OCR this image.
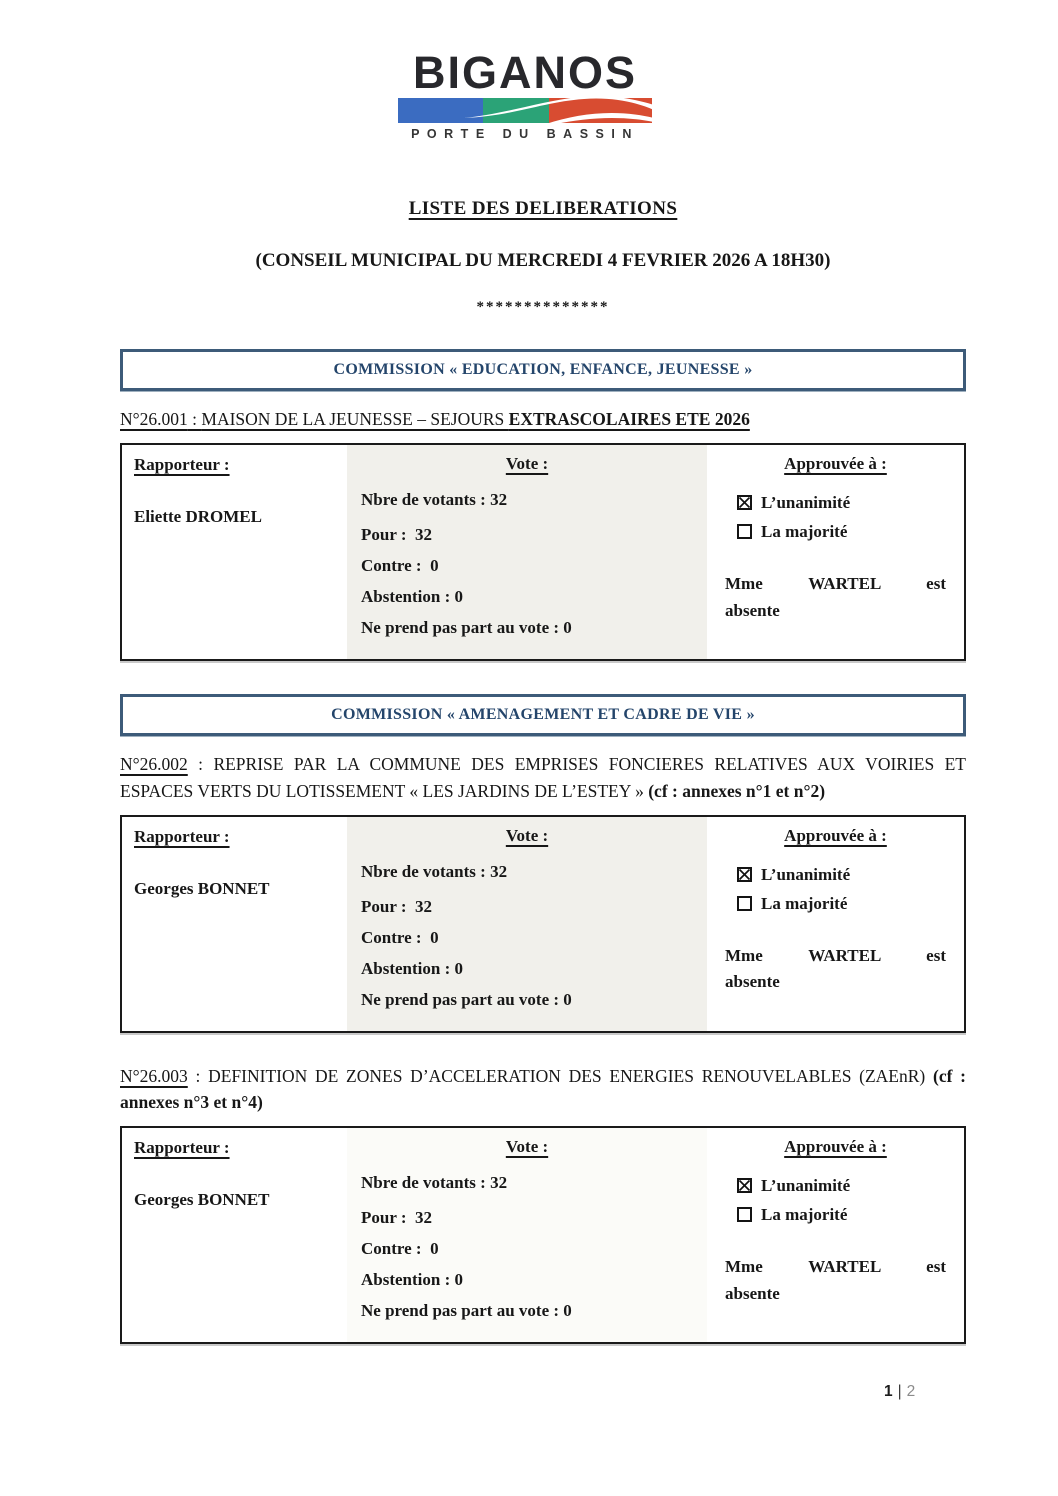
BIGANOS
PORTE DU BASSIN
LISTE DES DELIBERATIONS
(CONSEIL MUNICIPAL DU MERCREDI 4 FEVRIER 2026 A 18H30)
**************
COMMISSION « EDUCATION, ENFANCE, JEUNESSE »
N°26.001 : MAISON DE LA JEUNESSE – SEJOURS EXTRASCOLAIRES ETE 2026
Rapporteur :
Eliette DROMEL
Vote :
Nbre de votants : 32
Pour :  32
Contre :  0
Abstention : 0
Ne prend pas part au vote : 0
Approuvée à :
L’unanimité
La majorité
Mme WARTEL est
absente
COMMISSION « AMENAGEMENT ET CADRE DE VIE »
N°26.002 : REPRISE PAR LA COMMUNE DES EMPRISES FONCIERES RELATIVES AUX VOIRIES ET ESPACES VERTS DU LOTISSEMENT « LES JARDINS DE L’ESTEY » (cf : annexes n°1 et n°2)
Rapporteur :
Georges BONNET
Vote :
Nbre de votants : 32
Pour :  32
Contre :  0
Abstention : 0
Ne prend pas part au vote : 0
Approuvée à :
L’unanimité
La majorité
Mme WARTEL est
absente
N°26.003 : DEFINITION DE ZONES D’ACCELERATION DES ENERGIES RENOUVELABLES (ZAEnR) (cf : annexes n°3 et n°4)
Rapporteur :
Georges BONNET
Vote :
Nbre de votants : 32
Pour :  32
Contre :  0
Abstention : 0
Ne prend pas part au vote : 0
Approuvée à :
L’unanimité
La majorité
Mme WARTEL est
absente
1 | 2
